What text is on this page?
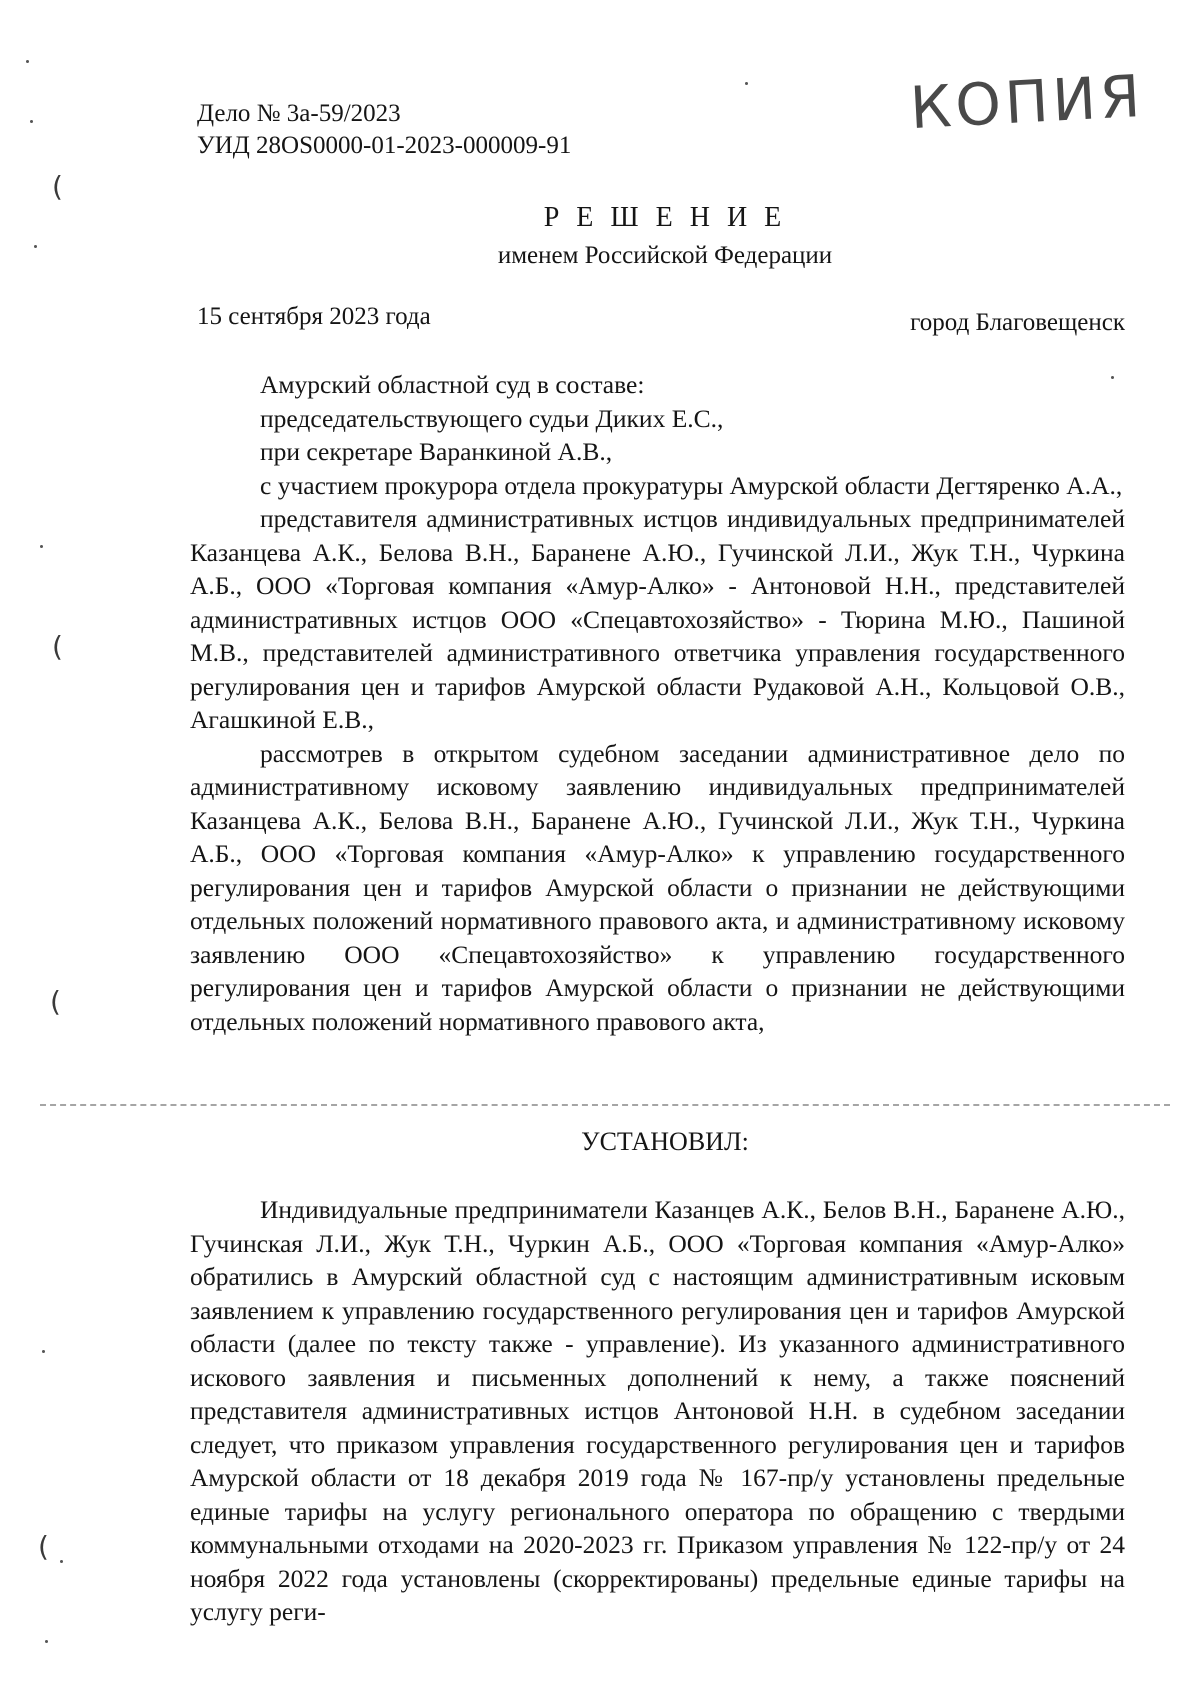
Дело № 3а-59/2023
УИД 28OS0000-01-2023-000009-91
КОПИЯ
Р Е Ш Е Н И Е
именем Российской Федерации
15 сентября 2023 года	город Благовещенск

Амурский областной суд в составе:

председательствующего судьи Диких Е.С.,

при секретаре Варанкиной А.В.,

с участием прокурора отдела прокуратуры Амурской области Дегтяренко А.А.,

представителя административных истцов индивидуальных предпринимателей Казанцева А.К., Белова В.Н., Баранене А.Ю., Гучинской Л.И., Жук Т.Н., Чуркина А.Б., ООО «Торговая компания «Амур-Алко» - Антоновой Н.Н., представителей административных истцов ООО «Спецавтохозяйство» - Тюрина М.Ю., Пашиной М.В., представителей административного ответчика управления государственного регулирования цен и тарифов Амурской области Рудаковой А.Н., Кольцовой О.В., Агашкиной Е.В.,

рассмотрев в открытом судебном заседании административное дело по административному исковому заявлению индивидуальных предпринимателей Казанцева А.К., Белова В.Н., Баранене А.Ю., Гучинской Л.И., Жук Т.Н., Чуркина А.Б., ООО «Торговая компания «Амур-Алко» к управлению государственного регулирования цен и тарифов Амурской области о признании не действующими отдельных положений нормативного правового акта, и административному исковому заявлению ООО «Спецавтохозяйство» к управлению государственного регулирования цен и тарифов Амурской области о признании не действующими отдельных положений нормативного правового акта,

УСТАНОВИЛ:

Индивидуальные предприниматели Казанцев А.К., Белов В.Н., Баранене А.Ю., Гучинская Л.И., Жук Т.Н., Чуркин А.Б., ООО «Торговая компания «Амур-Алко» обратились в Амурский областной суд с настоящим административным исковым заявлением к управлению государственного регулирования цен и тарифов Амурской области (далее по тексту также - управление). Из указанного административного искового заявления и письменных дополнений к нему, а также пояснений представителя административных истцов Антоновой Н.Н. в судебном заседании следует, что приказом управления государственного регулирования цен и тарифов Амурской области от 18 декабря 2019 года № 167-пр/у установлены предельные единые тарифы на услугу регионального оператора по обращению с твердыми коммунальными отходами на 2020-2023 гг. Приказом управления № 122-пр/у от 24 ноября 2022 года установлены (скорректированы) предельные единые тарифы на услугу реги-

(
(
(
(
